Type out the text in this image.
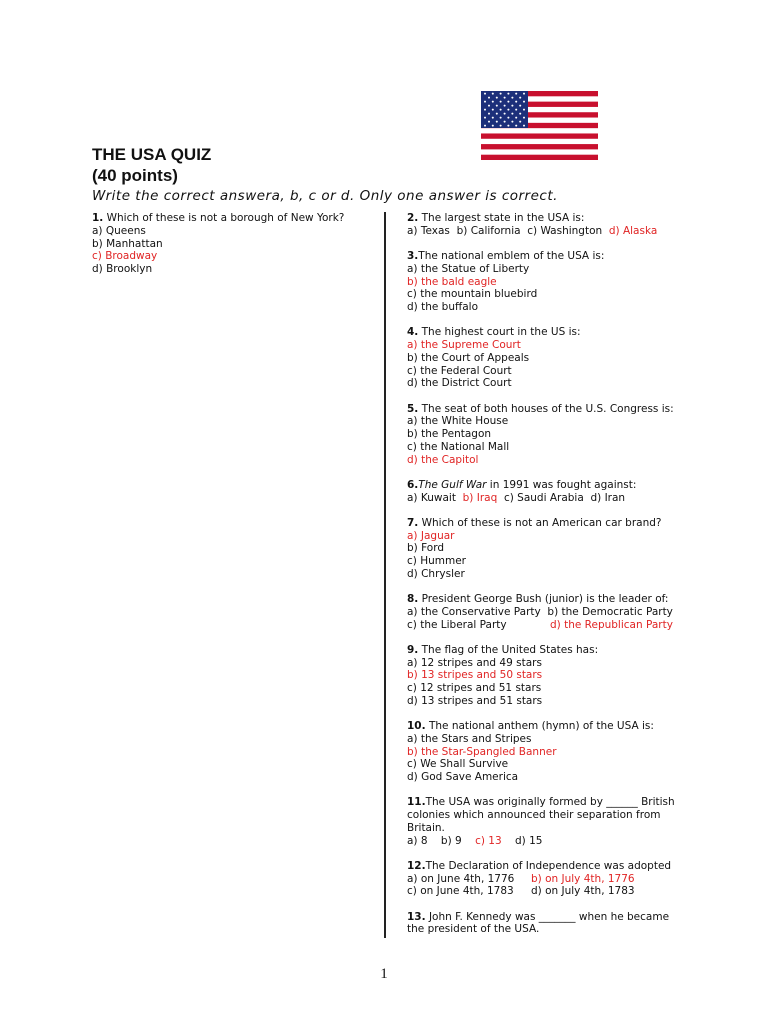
THE USA QUIZ
(40 points)
Write the correct answera, b, c or d. Only one answer is correct.
1. Which of these is not a borough of New York?
a) Queens
b) Manhattan
c) Broadway
d) Brooklyn
2. The largest state in the USA is:
a) Texas b) California c) Washington d) Alaska
3.The national emblem of the USA is:
a) the Statue of Liberty
b) the bald eagle
c) the mountain bluebird
d) the buffalo
4. The highest court in the US is:
a) the Supreme Court
b) the Court of Appeals
c) the Federal Court
d) the District Court
5. The seat of both houses of the U.S. Congress is:
a) the White House
b) the Pentagon
c) the National Mall
d) the Capitol
6.The Gulf War in 1991 was fought against:
a) Kuwait b) Iraq c) Saudi Arabia d) Iran
7. Which of these is not an American car brand?
a) Jaguar
b) Ford
c) Hummer
d) Chrysler
8. President George Bush (junior) is the leader of:
a) the Conservative Party b) the Democratic Party
c) the Liberal Party	d) the Republican Party
9. The flag of the United States has:
a) 12 stripes and 49 stars
b) 13 stripes and 50 stars
c) 12 stripes and 51 stars
d) 13 stripes and 51 stars
10. The national anthem (hymn) of the USA is:
a) the Stars and Stripes
b) the Star-Spangled Banner
c) We Shall Survive
d) God Save America
11.The USA was originally formed by ______ British
colonies which announced their separation from
Britain.
a) 8 b) 9 c) 13 d) 15
12.The Declaration of Independence was adopted
a) on June 4th, 1776 b) on July 4th, 1776
c) on June 4th, 1783 d) on July 4th, 1783
13. John F. Kennedy was _______ when he became
the president of the USA.
1
